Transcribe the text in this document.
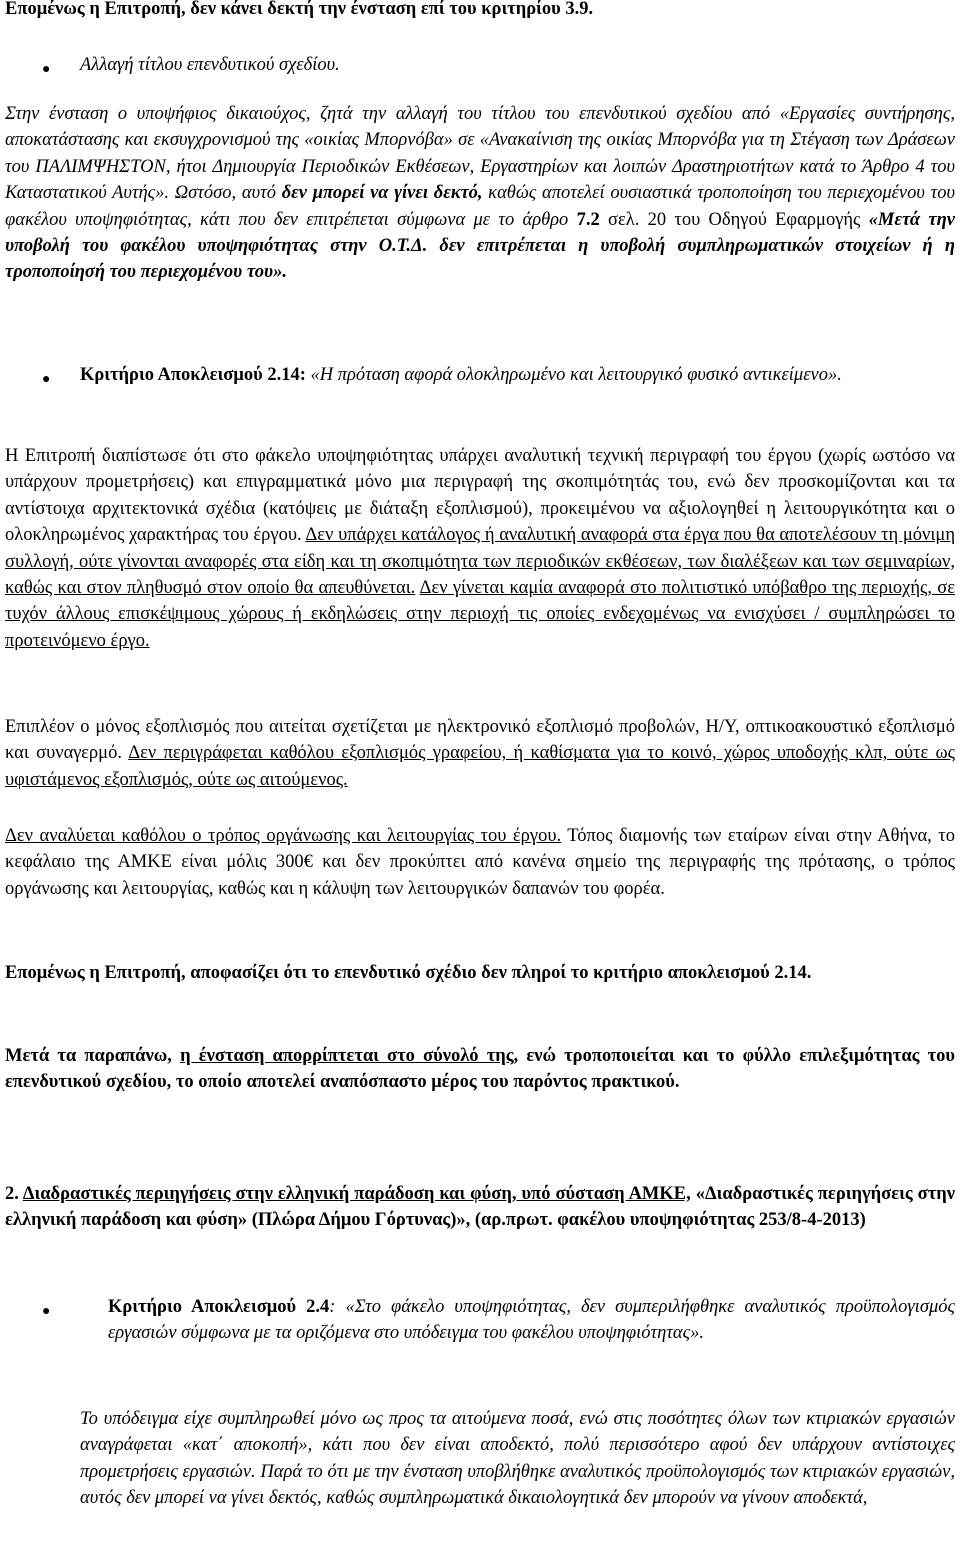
Επομένως η Επιτροπή, δεν κάνει δεκτή την ένσταση επί του κριτηρίου 3.9.

● Αλλαγή τίτλου επενδυτικού σχεδίου.

Στην ένσταση ο υποψήφιος δικαιούχος, ζητά την αλλαγή του τίτλου του επενδυτικού σχεδίου από «Εργασίες συντήρησης, αποκατάστασης και εκσυγχρονισμού της «οικίας Μπορνόβα» σε «Ανακαίνιση της οικίας Μπορνόβα για τη Στέγαση των Δράσεων του ΠΑΛΙΜΨΗΣΤΟΝ, ήτοι Δημιουργία Περιοδικών Εκθέσεων, Εργαστηρίων και λοιπών Δραστηριοτήτων κατά το Άρθρο 4 του Καταστατικού Αυτής». Ωστόσο, αυτό δεν μπορεί να γίνει δεκτό, καθώς αποτελεί ουσιαστικά τροποποίηση του περιεχομένου του φακέλου υποψηφιότητας, κάτι που δεν επιτρέπεται σύμφωνα με το άρθρο 7.2 σελ. 20 του Οδηγού Εφαρμογής «Μετά την υποβολή του φακέλου υποψηφιότητας στην Ο.Τ.Δ. δεν επιτρέπεται η υποβολή συμπληρωματικών στοιχείων ή η τροποποίησή του περιεχομένου του».

● Κριτήριο Αποκλεισμού 2.14: «Η πρόταση αφορά ολοκληρωμένο και λειτουργικό φυσικό αντικείμενο».

Η Επιτροπή διαπίστωσε ότι στο φάκελο υποψηφιότητας υπάρχει αναλυτική τεχνική περιγραφή του έργου (χωρίς ωστόσο να υπάρχουν προμετρήσεις) και επιγραμματικά μόνο μια περιγραφή της σκοπιμότητάς του, ενώ δεν προσκομίζονται και τα αντίστοιχα αρχιτεκτονικά σχέδια (κατόψεις με διάταξη εξοπλισμού), προκειμένου να αξιολογηθεί η λειτουργικότητα και ο ολοκληρωμένος χαρακτήρας του έργου. Δεν υπάρχει κατάλογος ή αναλυτική αναφορά στα έργα που θα αποτελέσουν τη μόνιμη συλλογή, ούτε γίνονται αναφορές στα είδη και τη σκοπιμότητα των περιοδικών εκθέσεων, των διαλέξεων και των σεμιναρίων, καθώς και στον πληθυσμό στον οποίο θα απευθύνεται. Δεν γίνεται καμία αναφορά στο πολιτιστικό υπόβαθρο της περιοχής, σε τυχόν άλλους επισκέψιμους χώρους ή εκδηλώσεις στην περιοχή τις οποίες ενδεχομένως να ενισχύσει / συμπληρώσει το προτεινόμενο έργο.

Επιπλέον ο μόνος εξοπλισμός που αιτείται σχετίζεται με ηλεκτρονικό εξοπλισμό προβολών, Η/Υ, οπτικοακουστικό εξοπλισμό και συναγερμό. Δεν περιγράφεται καθόλου εξοπλισμός γραφείου, ή καθίσματα για το κοινό, χώρος υποδοχής κλπ, ούτε ως υφιστάμενος εξοπλισμός, ούτε ως αιτούμενος.

Δεν αναλύεται καθόλου ο τρόπος οργάνωσης και λειτουργίας του έργου. Τόπος διαμονής των εταίρων είναι στην Αθήνα, το κεφάλαιο της ΑΜΚΕ είναι μόλις 300€ και δεν προκύπτει από κανένα σημείο της περιγραφής της πρότασης, ο τρόπος οργάνωσης και λειτουργίας, καθώς και η κάλυψη των λειτουργικών δαπανών του φορέα.

Επομένως η Επιτροπή, αποφασίζει ότι το επενδυτικό σχέδιο δεν πληροί το κριτήριο αποκλεισμού 2.14.

Μετά τα παραπάνω, η ένσταση απορρίπτεται στο σύνολό της, ενώ τροποποιείται και το φύλλο επιλεξιμότητας του επενδυτικού σχεδίου, το οποίο αποτελεί αναπόσπαστο μέρος του παρόντος πρακτικού.

2. Διαδραστικές περιηγήσεις στην ελληνική παράδοση και φύση, υπό σύσταση ΑΜΚΕ, «Διαδραστικές περιηγήσεις στην ελληνική παράδοση και φύση» (Πλώρα Δήμου Γόρτυνας)», (αρ.πρωτ. φακέλου υποψηφιότητας 253/8-4-2013)

●	Κριτήριο Αποκλεισμού 2.4: «Στο φάκελο υποψηφιότητας, δεν συμπεριλήφθηκε αναλυτικός προϋπολογισμός εργασιών σύμφωνα με τα οριζόμενα στο υπόδειγμα του φακέλου υποψηφιότητας».

Το υπόδειγμα είχε συμπληρωθεί μόνο ως προς τα αιτούμενα ποσά, ενώ στις ποσότητες όλων των κτιριακών εργασιών αναγράφεται «κατ΄ αποκοπή», κάτι που δεν είναι αποδεκτό, πολύ περισσότερο αφού δεν υπάρχουν αντίστοιχες προμετρήσεις εργασιών. Παρά το ότι με την ένσταση υποβλήθηκε αναλυτικός προϋπολογισμός των κτιριακών εργασιών, αυτός δεν μπορεί να γίνει δεκτός, καθώς συμπληρωματικά δικαιολογητικά δεν μπορούν να γίνουν αποδεκτά,
